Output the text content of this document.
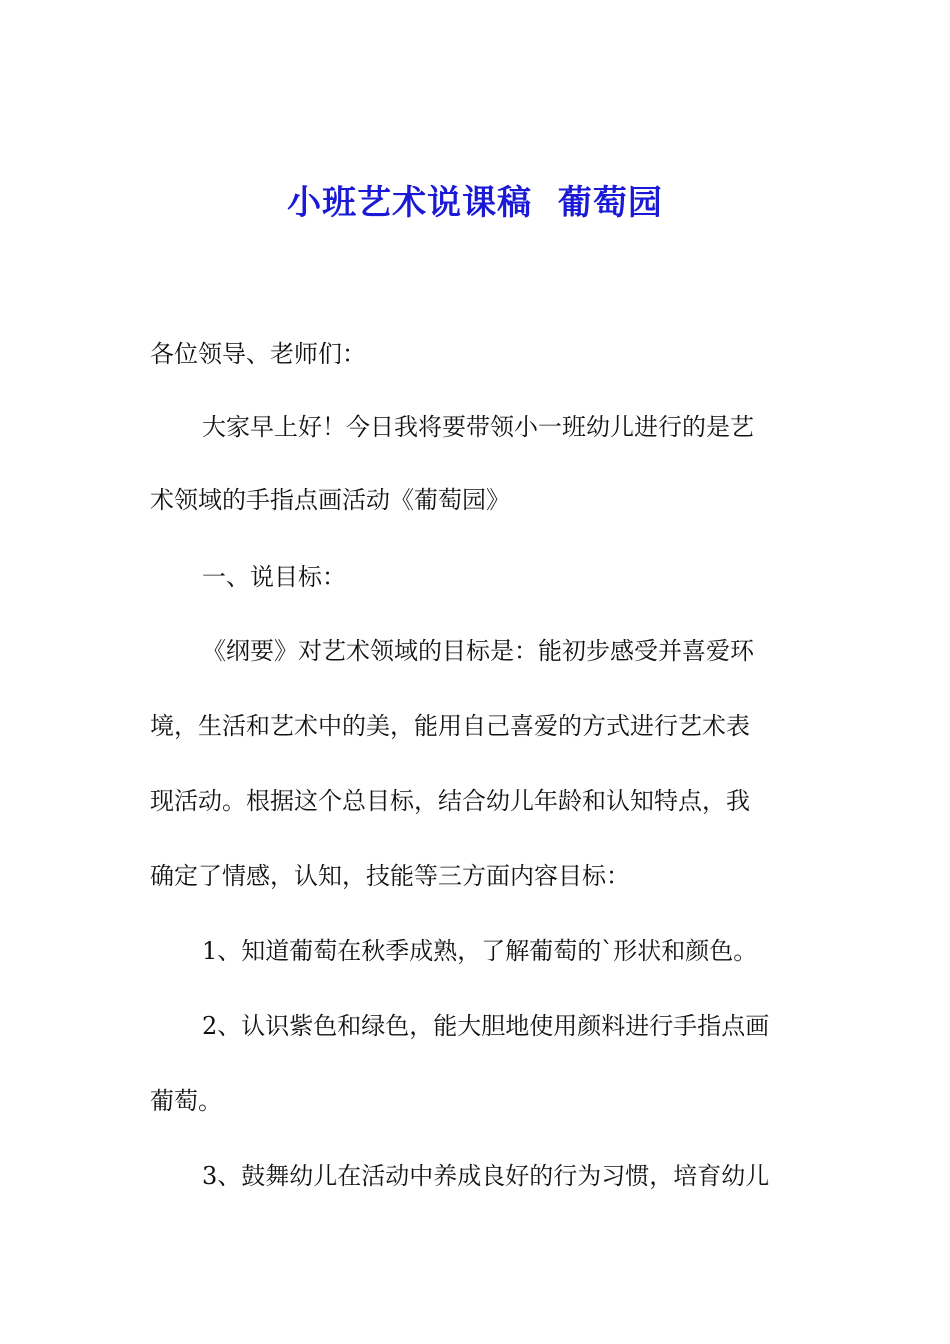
小班艺术说课稿  葡萄园
各位领导、老师们：
大家早上好！今日我将要带领小一班幼儿进行的是艺
术领域的手指点画活动《葡萄园》
一、说目标：
《纲要》对艺术领域的目标是：能初步感受并喜爱环
境，生活和艺术中的美，能用自己喜爱的方式进行艺术表
现活动。根据这个总目标，结合幼儿年龄和认知特点，我
确定了情感，认知，技能等三方面内容目标：
1、知道葡萄在秋季成熟，了解葡萄的`形状和颜色。
2、认识紫色和绿色，能大胆地使用颜料进行手指点画
葡萄。
3、鼓舞幼儿在活动中养成良好的行为习惯，培育幼儿
